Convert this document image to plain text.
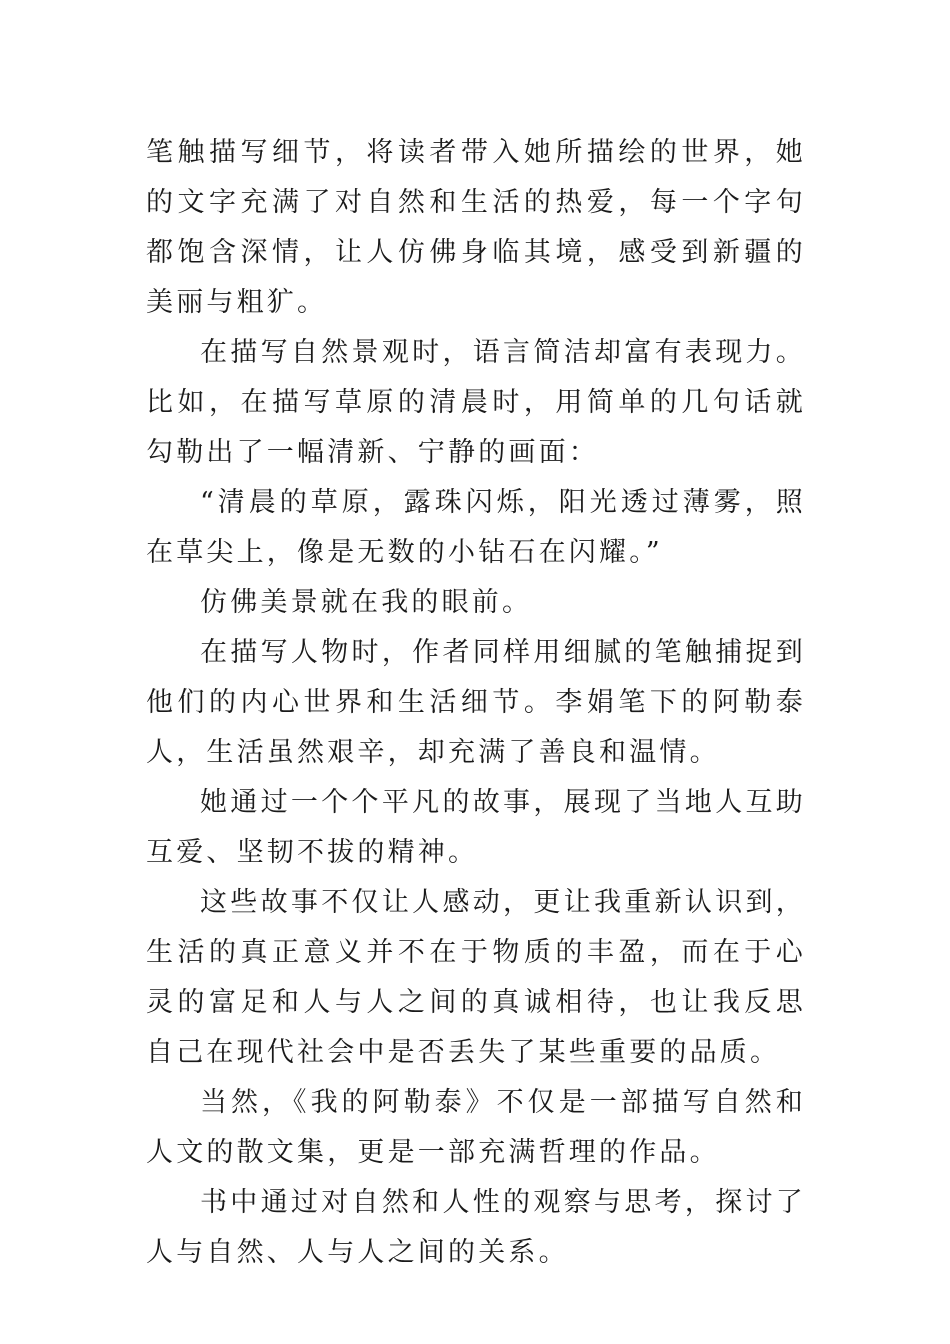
笔触描写细节，将读者带入她所描绘的世界，她的文字充满了对自然和生活的热爱，每一个字句都饱含深情，让人仿佛身临其境，感受到新疆的美丽与粗犷。

在描写自然景观时，语言简洁却富有表现力。比如，在描写草原的清晨时，用简单的几句话就勾勒出了一幅清新、宁静的画面：

“清晨的草原，露珠闪烁，阳光透过薄雾，照在草尖上，像是无数的小钻石在闪耀。”

仿佛美景就在我的眼前。

在描写人物时，作者同样用细腻的笔触捕捉到他们的内心世界和生活细节。李娟笔下的阿勒泰人，生活虽然艰辛，却充满了善良和温情。

她通过一个个平凡的故事，展现了当地人互助互爱、坚韧不拔的精神。

这些故事不仅让人感动，更让我重新认识到，生活的真正意义并不在于物质的丰盈，而在于心灵的富足和人与人之间的真诚相待，也让我反思自己在现代社会中是否丢失了某些重要的品质。

当然，《我的阿勒泰》不仅是一部描写自然和人文的散文集，更是一部充满哲理的作品。

书中通过对自然和人性的观察与思考，探讨了人与自然、人与人之间的关系。
